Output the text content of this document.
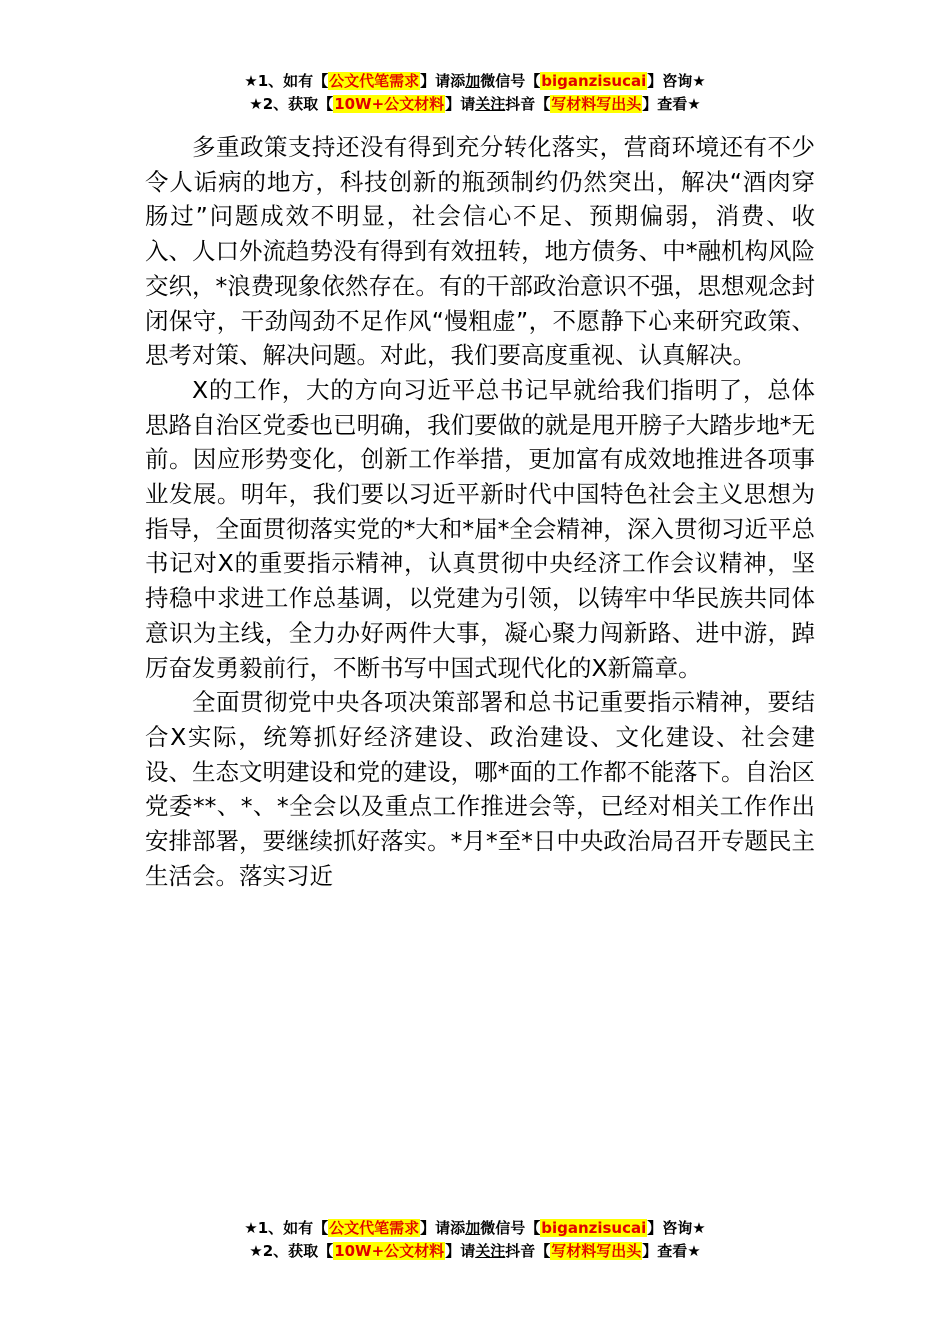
★1、如有【公文代笔需求】请添加微信号【biganzisucai】咨询★
★2、获取【10W+公文材料】请关注抖音【写材料写出头】查看★

多重政策支持还没有得到充分转化落实，营商环境还有不少令人诟病的地方，科技创新的瓶颈制约仍然突出，解决“酒肉穿肠过”问题成效不明显，社会信心不足、预期偏弱，消费、收入、人口外流趋势没有得到有效扭转，地方债务、中*融机构风险交织，*浪费现象依然存在。有的干部政治意识不强，思想观念封闭保守，干劲闯劲不足作风“慢粗虚”，不愿静下心来研究政策、思考对策、解决问题。对此，我们要高度重视、认真解决。

X的工作，大的方向习近平总书记早就给我们指明了，总体思路自治区党委也已明确，我们要做的就是甩开膀子大踏步地*无前。因应形势变化，创新工作举措，更加富有成效地推进各项事业发展。明年，我们要以习近平新时代中国特色社会主义思想为指导，全面贯彻落实党的*大和*届*全会精神，深入贯彻习近平总书记对X的重要指示精神，认真贯彻中央经济工作会议精神，坚持稳中求进工作总基调，以党建为引领，以铸牢中华民族共同体意识为主线，全力办好两件大事，凝心聚力闯新路、进中游，踔厉奋发勇毅前行，不断书写中国式现代化的X新篇章。

全面贯彻党中央各项决策部署和总书记重要指示精神，要结合X实际，统筹抓好经济建设、政治建设、文化建设、社会建设、生态文明建设和党的建设，哪*面的工作都不能落下。自治区党委**、*、*全会以及重点工作推进会等，已经对相关工作作出安排部署，要继续抓好落实。*月*至*日中央政治局召开专题民主生活会。落实习近

★1、如有【公文代笔需求】请添加微信号【biganzisucai】咨询★
★2、获取【10W+公文材料】请关注抖音【写材料写出头】查看★
